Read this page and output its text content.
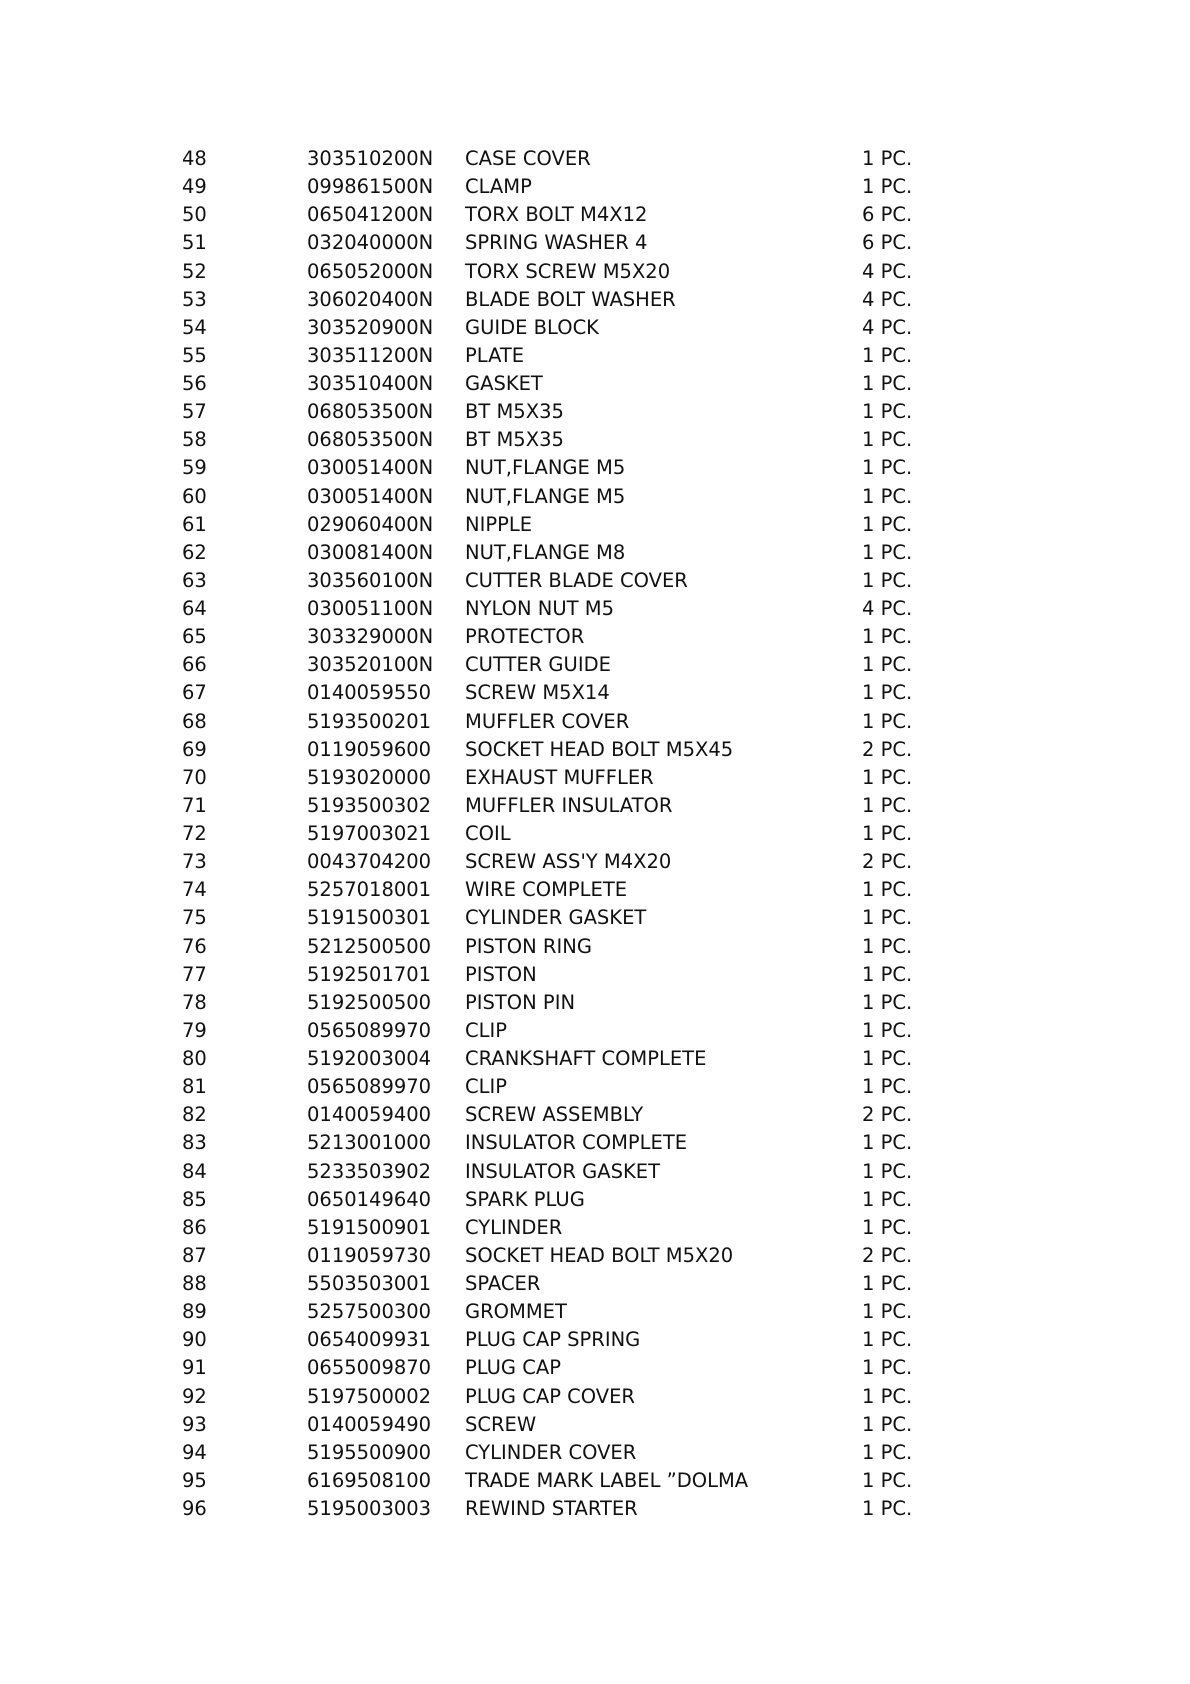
48	303510200N CASE COVER	1 PC.
49	099861500N CLAMP	1 PC.
50	065041200N TORX BOLT M4X12	6 PC.
51	032040000N SPRING WASHER 4	6 PC.
52	065052000N TORX SCREW M5X20	4 PC.
53	306020400N BLADE BOLT WASHER	4 PC.
54	303520900N GUIDE BLOCK	4 PC.
55	303511200N PLATE	1 PC.
56	303510400N GASKET	1 PC.
57	068053500N BT M5X35	1 PC.
58	068053500N BT M5X35	1 PC.
59	030051400N NUT,FLANGE M5	1 PC.
60	030051400N NUT,FLANGE M5	1 PC.
61	029060400N NIPPLE	1 PC.
62	030081400N NUT,FLANGE M8	1 PC.
63	303560100N CUTTER BLADE COVER	1 PC.
64	030051100N NYLON NUT M5	4 PC.
65	303329000N PROTECTOR	1 PC.
66	303520100N CUTTER GUIDE	1 PC.
67	0140059550 SCREW M5X14	1 PC.
68	5193500201 MUFFLER COVER	1 PC.
69	0119059600 SOCKET HEAD BOLT M5X45	2 PC.
70	5193020000 EXHAUST MUFFLER	1 PC.
71	5193500302 MUFFLER INSULATOR	1 PC.
72	5197003021 COIL	1 PC.
73	0043704200 SCREW ASS'Y M4X20	2 PC.
74	5257018001 WIRE COMPLETE	1 PC.
75	5191500301 CYLINDER GASKET	1 PC.
76	5212500500 PISTON RING	1 PC.
77	5192501701 PISTON	1 PC.
78	5192500500 PISTON PIN	1 PC.
79	0565089970 CLIP	1 PC.
80	5192003004 CRANKSHAFT COMPLETE	1 PC.
81	0565089970 CLIP	1 PC.
82	0140059400 SCREW ASSEMBLY	2 PC.
83	5213001000 INSULATOR COMPLETE	1 PC.
84	5233503902 INSULATOR GASKET	1 PC.
85	0650149640 SPARK PLUG	1 PC.
86	5191500901 CYLINDER	1 PC.
87	0119059730 SOCKET HEAD BOLT M5X20	2 PC.
88	5503503001 SPACER	1 PC.
89	5257500300 GROMMET	1 PC.
90	0654009931 PLUG CAP SPRING	1 PC.
91	0655009870 PLUG CAP	1 PC.
92	5197500002 PLUG CAP COVER	1 PC.
93	0140059490 SCREW	1 PC.
94	5195500900 CYLINDER COVER	1 PC.
95	6169508100 TRADE MARK LABEL ”DOLMA	1 PC.
96	5195003003 REWIND STARTER	1 PC.
